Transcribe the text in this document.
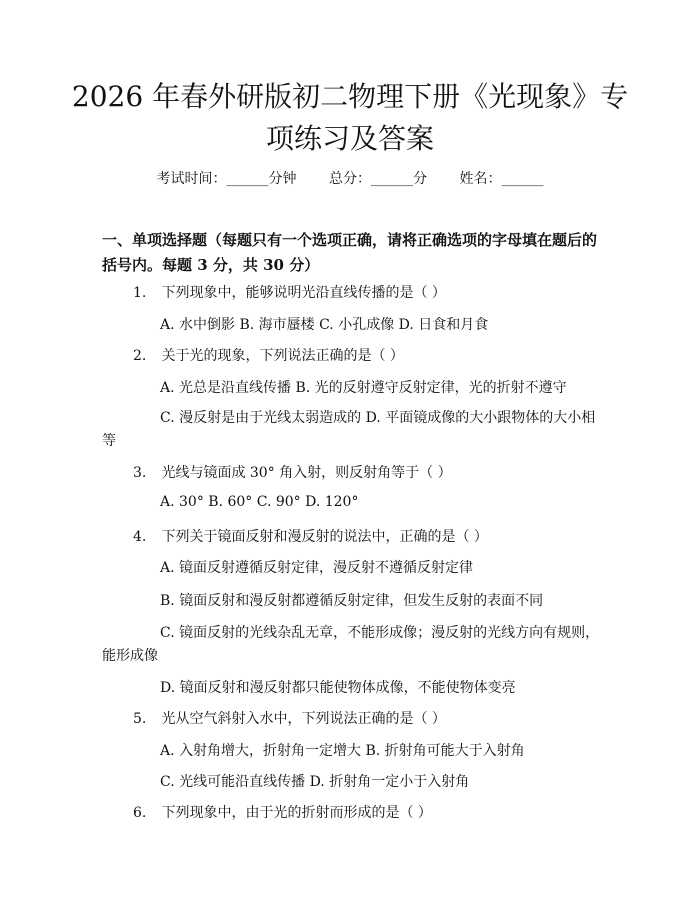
2026 年春外研版初二物理下册《光现象》专
项练习及答案
考试时间：______分钟 总分：______分 姓名：______
一、单项选择题（每题只有一个选项正确，请将正确选项的字母填在题后的括号内。每题 3 分，共 30 分）
1. 下列现象中，能够说明光沿直线传播的是（ ）
A. 水中倒影 B. 海市蜃楼 C. 小孔成像 D. 日食和月食
2. 关于光的现象，下列说法正确的是（ ）
A. 光总是沿直线传播 B. 光的反射遵守反射定律，光的折射不遵守
C. 漫反射是由于光线太弱造成的 D. 平面镜成像的大小跟物体的大小相
等
3. 光线与镜面成 30° 角入射，则反射角等于（ ）
A. 30° B. 60° C. 90° D. 120°
4. 下列关于镜面反射和漫反射的说法中，正确的是（ ）
A. 镜面反射遵循反射定律，漫反射不遵循反射定律
B. 镜面反射和漫反射都遵循反射定律，但发生反射的表面不同
C. 镜面反射的光线杂乱无章，不能形成像；漫反射的光线方向有规则，
能形成像
D. 镜面反射和漫反射都只能使物体成像，不能使物体变亮
5. 光从空气斜射入水中，下列说法正确的是（ ）
A. 入射角增大，折射角一定增大 B. 折射角可能大于入射角
C. 光线可能沿直线传播 D. 折射角一定小于入射角
6. 下列现象中，由于光的折射而形成的是（ ）
